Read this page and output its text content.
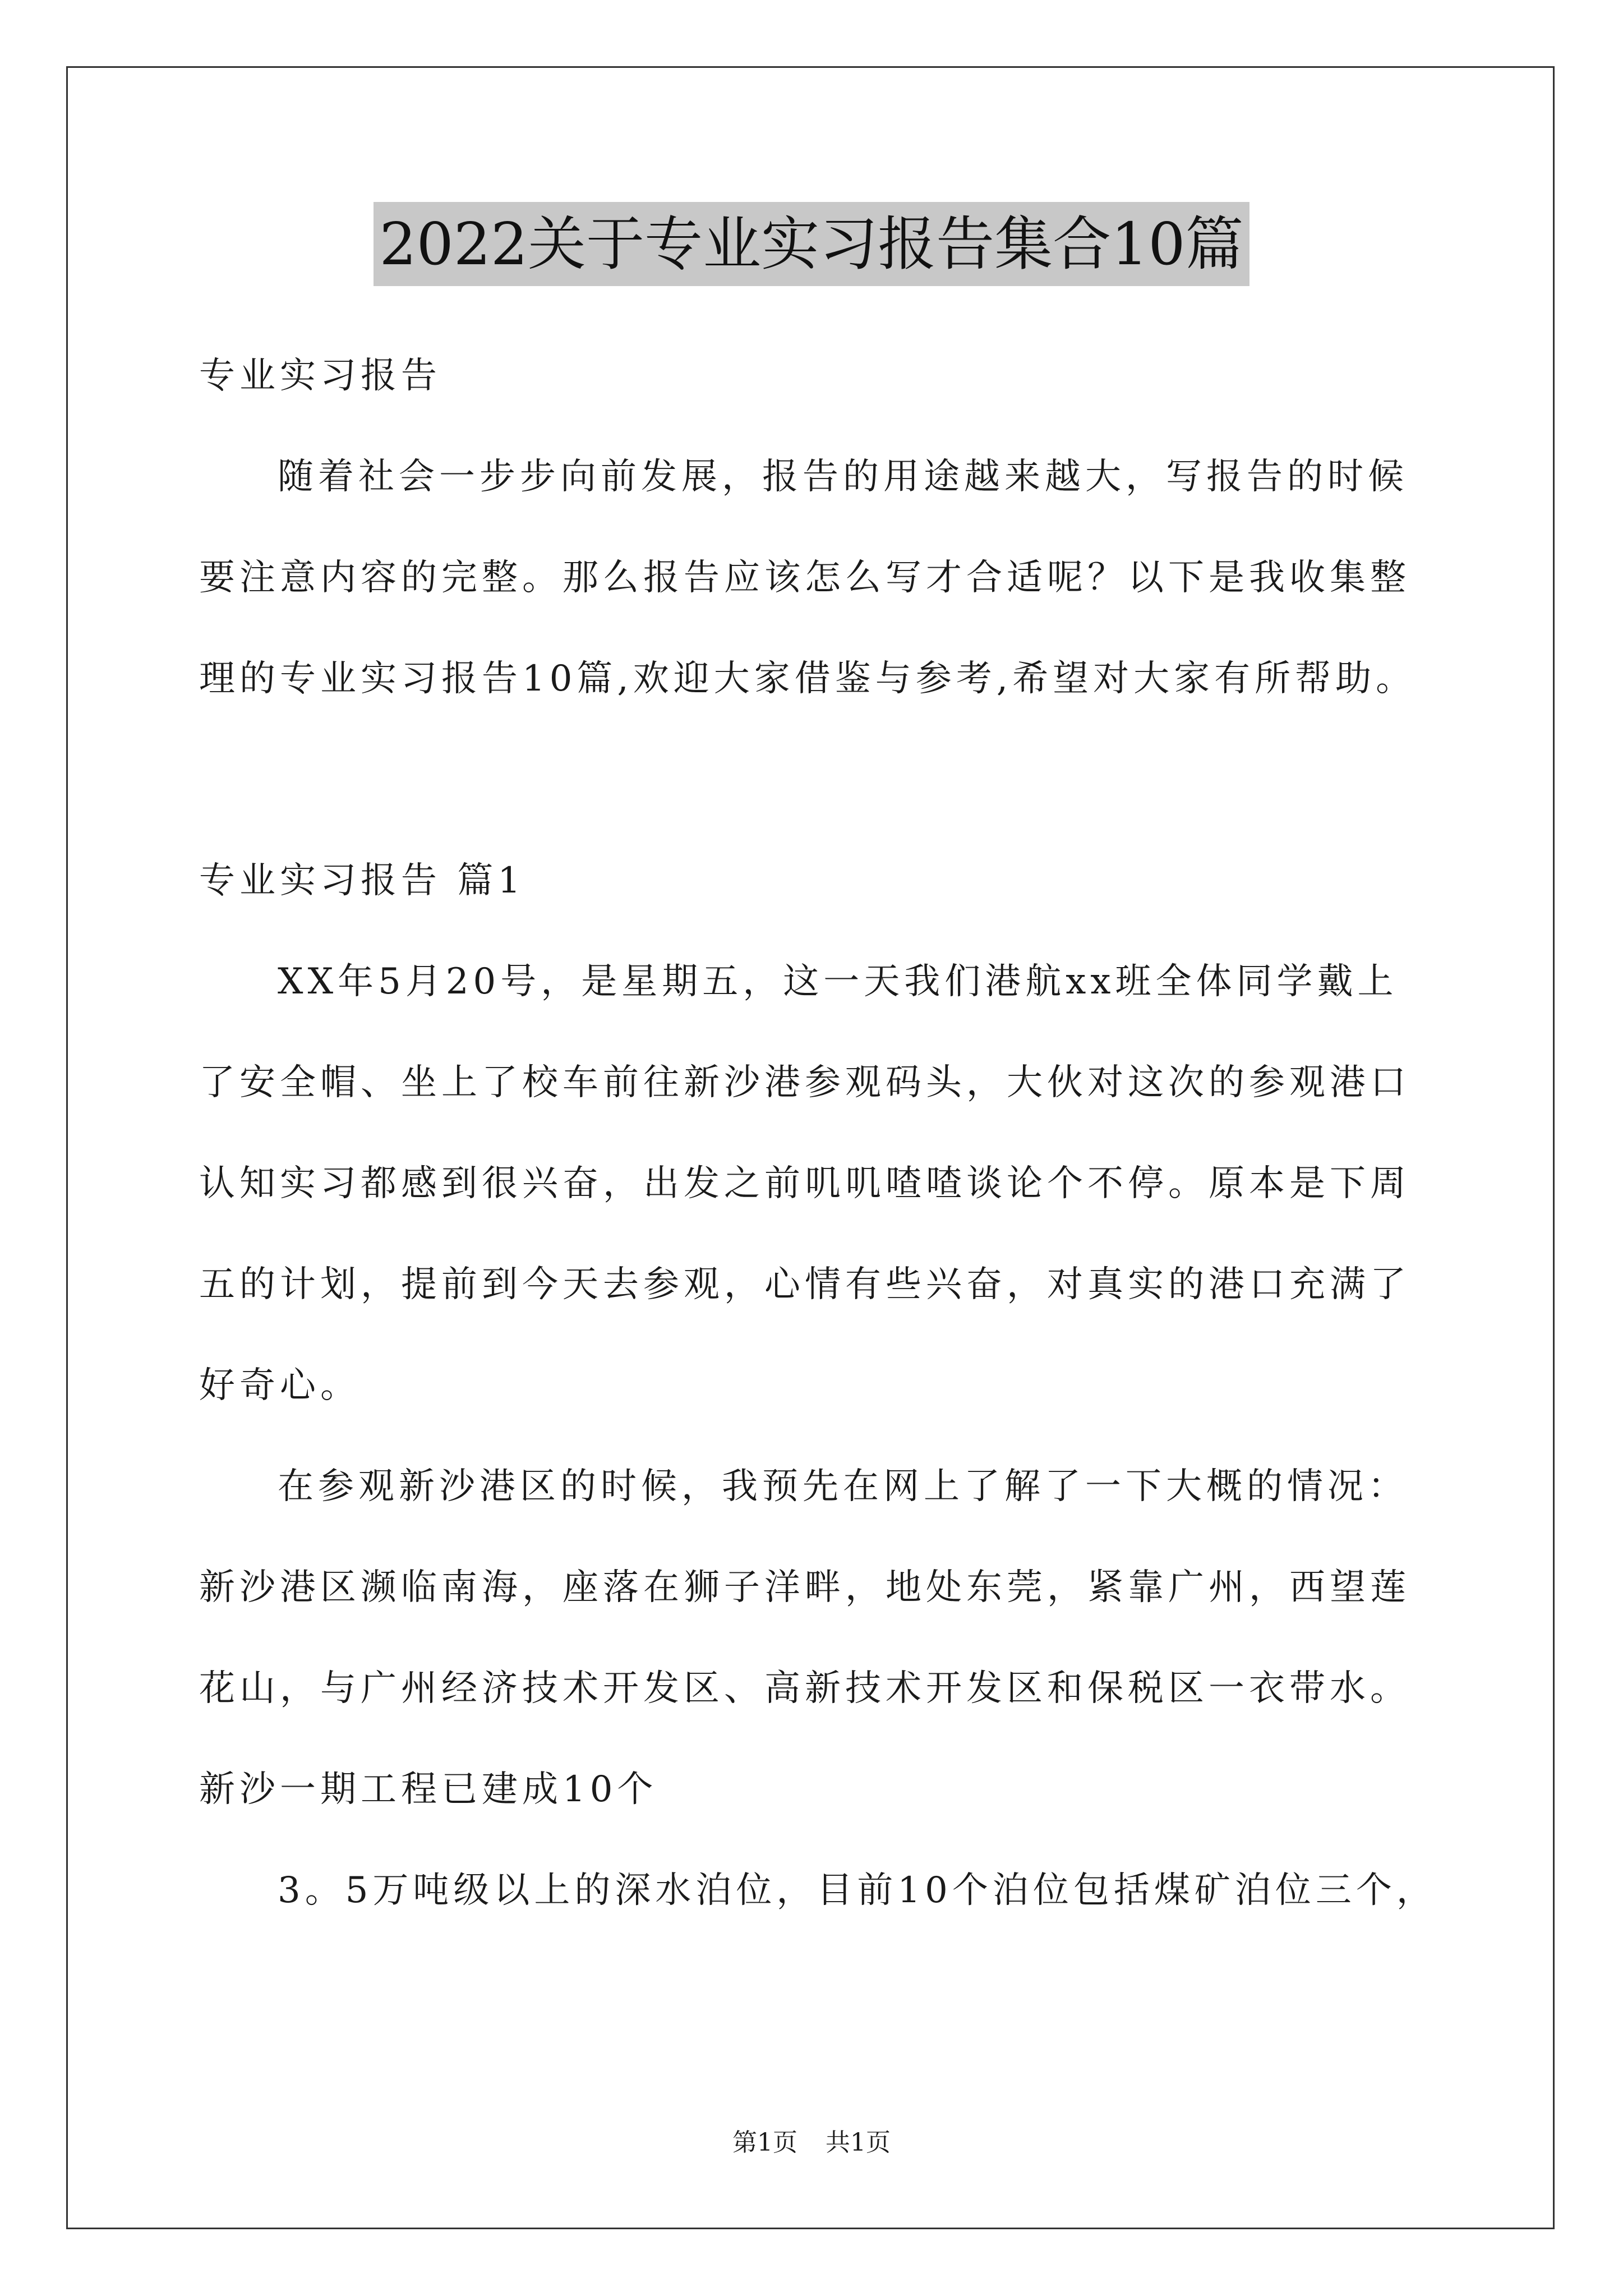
2022关于专业实习报告集合10篇
专业实习报告
随着社会一步步向前发展，报告的用途越来越大，写报告的时候
要注意内容的完整。那么报告应该怎么写才合适呢？以下是我收集整
理的专业实习报告10篇,欢迎大家借鉴与参考,希望对大家有所帮助。
专业实习报告 篇1
XX年5月20号，是星期五，这一天我们港航xx班全体同学戴上
了安全帽、坐上了校车前往新沙港参观码头，大伙对这次的参观港口
认知实习都感到很兴奋，出发之前叽叽喳喳谈论个不停。原本是下周
五的计划，提前到今天去参观，心情有些兴奋，对真实的港口充满了
好奇心。
在参观新沙港区的时候，我预先在网上了解了一下大概的情况：
新沙港区濒临南海，座落在狮子洋畔，地处东莞，紧靠广州，西望莲
花山，与广州经济技术开发区、高新技术开发区和保税区一衣带水。
新沙一期工程已建成10个
3。5万吨级以上的深水泊位，目前10个泊位包括煤矿泊位三个，
第1页 共1页
